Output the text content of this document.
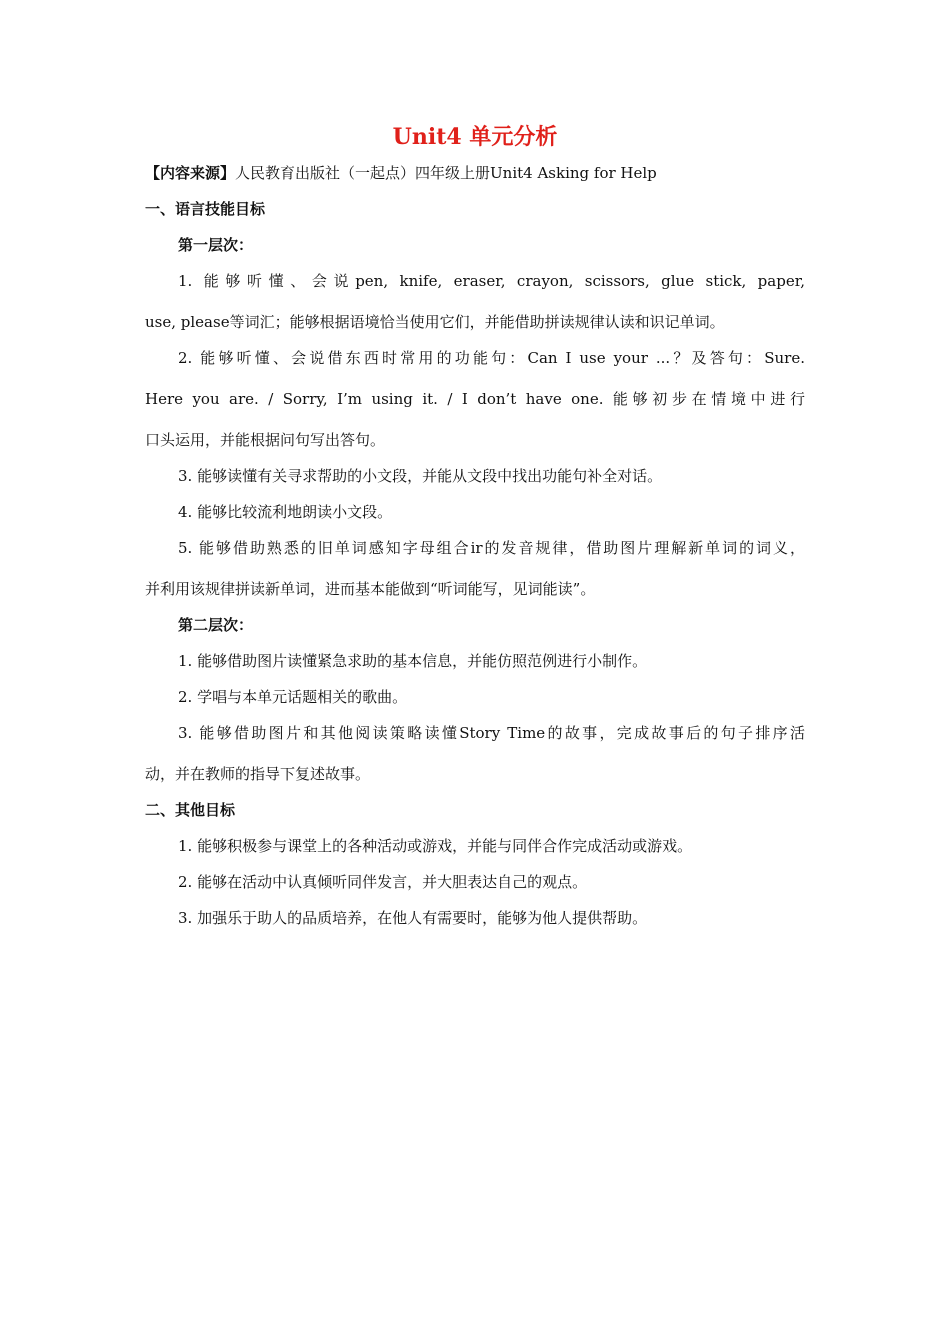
Unit4 单元分析
【内容来源】人民教育出版社（一起点）四年级上册Unit4 Asking for Help
一、语言技能目标
第一层次：
1. 能够听懂、会说pen, knife, eraser, crayon, scissors, glue stick, paper,
use, please等词汇；能够根据语境恰当使用它们，并能借助拼读规律认读和识记单词。
2. 能够听懂、会说借东西时常用的功能句：Can I use your ...？及答句：Sure.
Here you are. / Sorry, I’m using it. / I don’t have one. 能够初步在情境中进行
口头运用，并能根据问句写出答句。
3. 能够读懂有关寻求帮助的小文段，并能从文段中找出功能句补全对话。
4. 能够比较流利地朗读小文段。
5. 能够借助熟悉的旧单词感知字母组合ir的发音规律，借助图片理解新单词的词义，
并利用该规律拼读新单词，进而基本能做到“听词能写，见词能读”。
第二层次：
1. 能够借助图片读懂紧急求助的基本信息，并能仿照范例进行小制作。
2. 学唱与本单元话题相关的歌曲。
3. 能够借助图片和其他阅读策略读懂Story Time的故事，完成故事后的句子排序活
动，并在教师的指导下复述故事。
二、其他目标
1. 能够积极参与课堂上的各种活动或游戏，并能与同伴合作完成活动或游戏。
2. 能够在活动中认真倾听同伴发言，并大胆表达自己的观点。
3. 加强乐于助人的品质培养，在他人有需要时，能够为他人提供帮助。
